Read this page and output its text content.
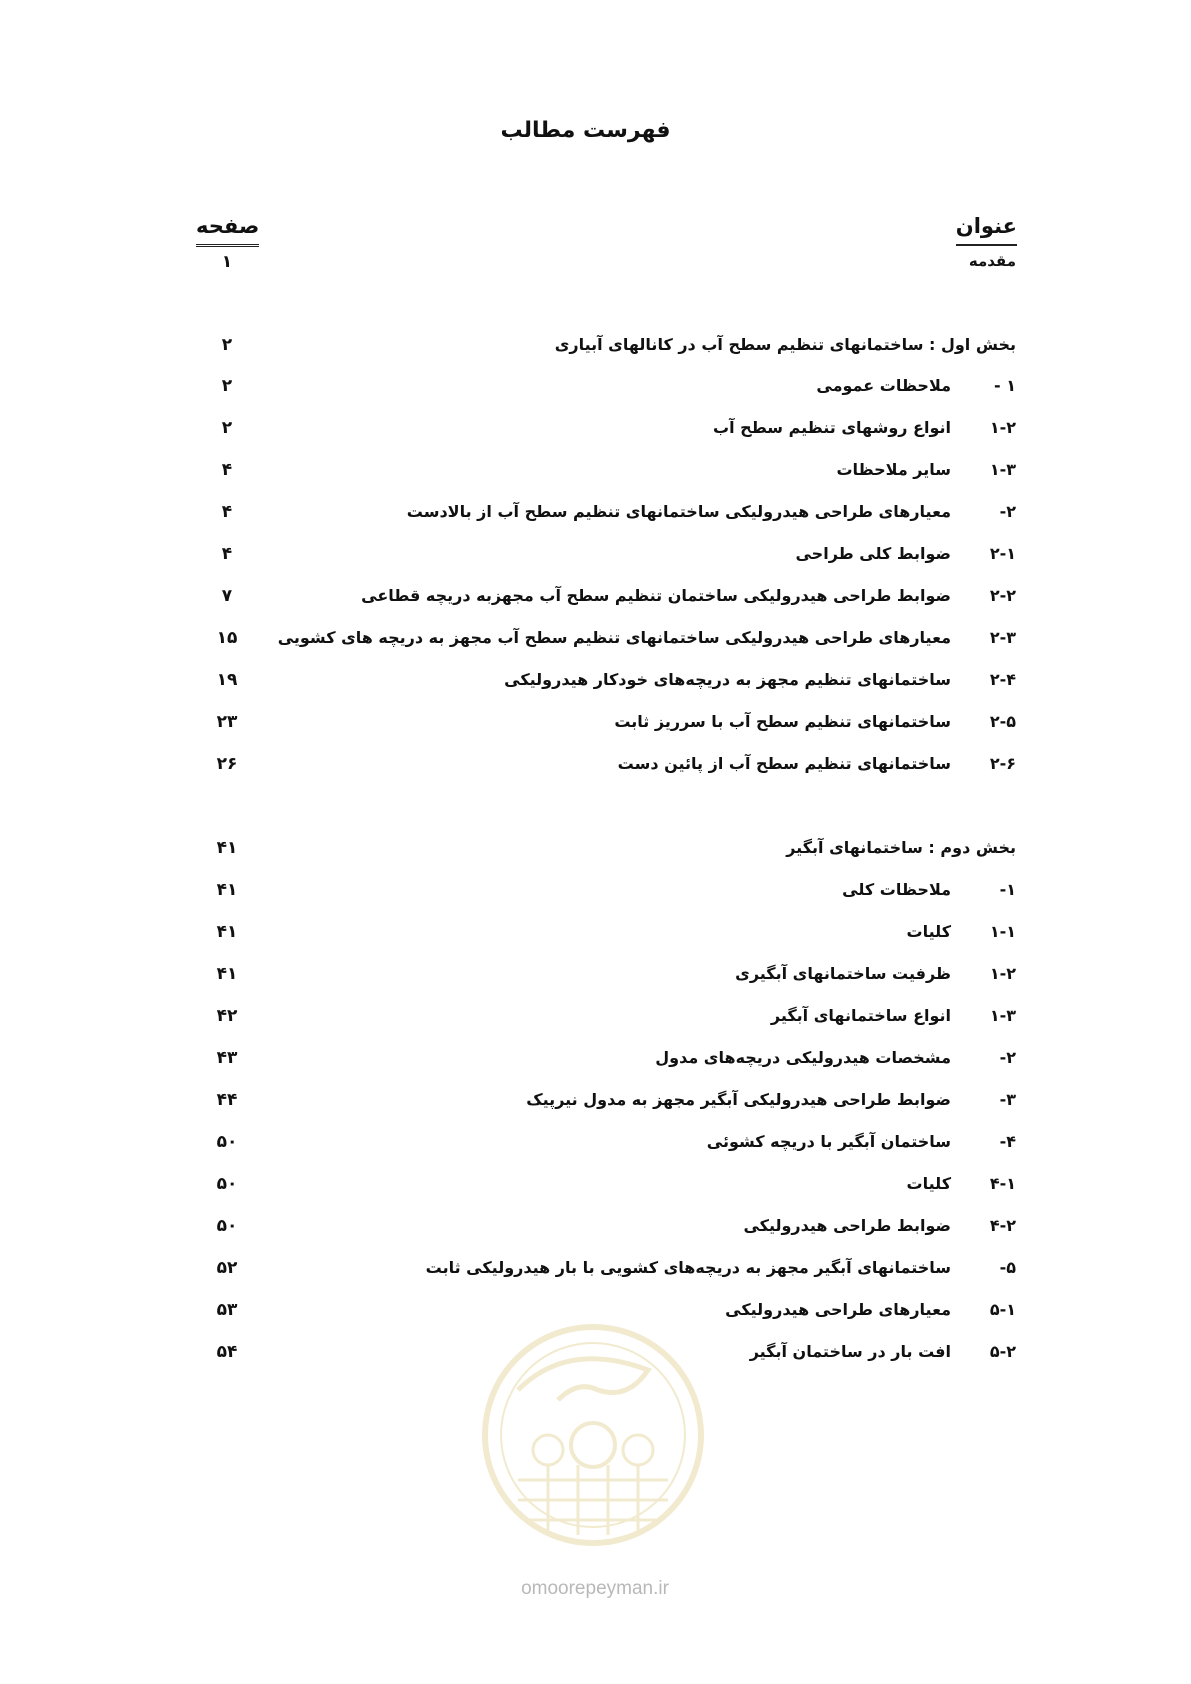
فهرست مطالب
عنوان
صفحه
مقدمه
۱
بخش اول : ساختمانهای تنظیم سطح آب در کانالهای آبیاری
۲
۱ -
ملاحظات عمومی
۲
۱-۲
انواع روشهای تنظیم سطح آب
۲
۱-۳
سایر ملاحظات
۴
۲-
معیارهای طراحی هیدرولیکی ساختمانهای تنظیم سطح آب از بالادست
۴
۲-۱
ضوابط کلی طراحی
۴
۲-۲
ضوابط طراحی هیدرولیکی ساختمان تنظیم سطح آب مجهزبه دریچه قطاعی
۷
۲-۳
معیارهای طراحی هیدرولیکی ساختمانهای تنظیم سطح آب مجهز به دریچه های کشویی
۱۵
۲-۴
ساختمانهای تنظیم مجهز به دریچه‌های خودکار هیدرولیکی
۱۹
۲-۵
ساختمانهای تنظیم سطح آب با سرریز ثابت
۲۳
۲-۶
ساختمانهای تنظیم سطح آب از پائین دست
۲۶
بخش دوم : ساختمانهای آبگیر
۴۱
۱-
ملاحظات کلی
۴۱
۱-۱
کلیات
۴۱
۱-۲
ظرفیت ساختمانهای آبگیری
۴۱
۱-۳
انواع ساختمانهای آبگیر
۴۲
۲-
مشخصات هیدرولیکی دریچه‌های مدول
۴۳
۳-
ضوابط طراحی هیدرولیکی آبگیر مجهز به مدول نیرپیک
۴۴
۴-
ساختمان آبگیر با دریچه کشوئی
۵۰
۴-۱
کلیات
۵۰
۴-۲
ضوابط طراحی هیدرولیکی
۵۰
۵-
ساختمانهای آبگیر مجهز به دریچه‌های کشویی با بار هیدرولیکی ثابت
۵۲
۵-۱
معیارهای طراحی هیدرولیکی
۵۳
۵-۲
افت بار در ساختمان آبگیر
۵۴
omoorepeyman.ir
